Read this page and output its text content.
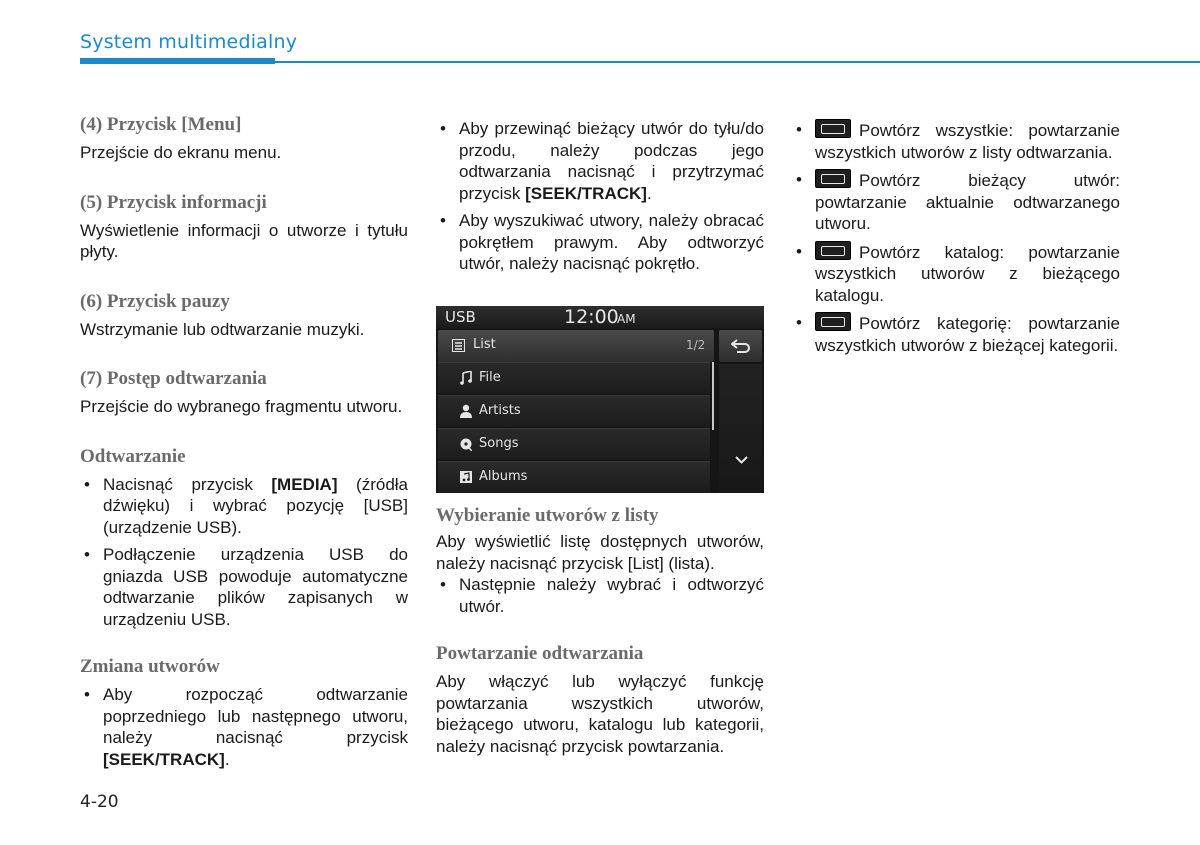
System multimedialny
(4) Przycisk [Menu]

Przejście do ekranu menu.

(5) Przycisk informacji

Wyświetlenie informacji o utworze i tytułu płyty.

(6) Przycisk pauzy

Wstrzymanie lub odtwarzanie muzyki.

(7) Postęp odtwarzania

Przejście do wybranego fragmentu utworu.

Odtwarzanie
• Nacisnąć przycisk [MEDIA] (źródła dźwięku) i wybrać pozycję [USB] (urządzenie USB).
• Podłączenie urządzenia USB do gniazda USB powoduje automatyczne odtwarzanie plików zapisanych w urządzeniu USB.
Zmiana utworów
• Aby rozpocząć odtwarzanie poprzedniego lub następnego utworu, należy nacisnąć przycisk [SEEK/TRACK].
• Aby przewinąć bieżący utwór do tyłu/do przodu, należy podczas jego odtwarzania nacisnąć i przytrzymać przycisk [SEEK/TRACK].
• Aby wyszukiwać utwory, należy obracać pokrętłem prawym. Aby odtworzyć utwór, należy nacisnąć pokrętło.
USB	12:00
AM
List	1/2
File
Artists
Songs
Albums
Wybieranie utworów z listy

Aby wyświetlić listę dostępnych utworów, należy nacisnąć przycisk [List] (lista).

• Następnie należy wybrać i odtworzyć utwór.
Powtarzanie odtwarzania

Aby włączyć lub wyłączyć funkcję powtarzania wszystkich utworów, bieżącego utworu, katalogu lub kategorii, należy nacisnąć przycisk powtarzania.

• Powtórz wszystkie: powtarzanie wszystkich utworów z listy odtwarzania.
• Powtórz bieżący utwór: powtarzanie aktualnie odtwarzanego utworu.
• Powtórz katalog: powtarzanie wszystkich utworów z bieżącego katalogu.
• Powtórz kategorię: powtarzanie wszystkich utworów z bieżącej kategorii.
4-20
